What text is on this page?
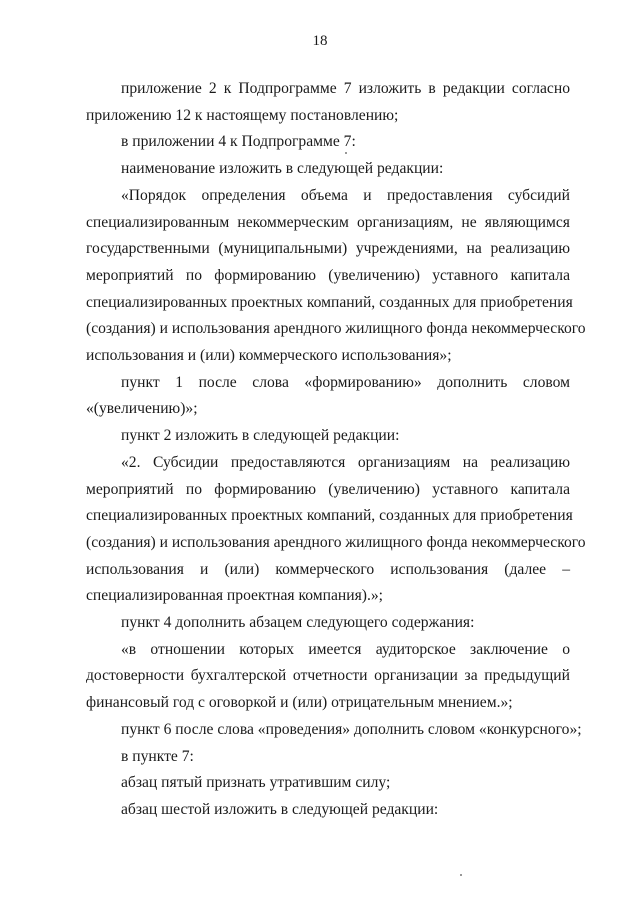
18

приложение 2 к Подпрограмме 7 изложить в редакции согласно
приложению 12 к настоящему постановлению;

в приложении 4 к Подпрограмме 7:

наименование изложить в следующей редакции:

«Порядок определения объема и предоставления субсидий
специализированным некоммерческим организациям, не являющимся
государственными (муниципальными) учреждениями, на реализацию
мероприятий по формированию (увеличению) уставного капитала
специализированных проектных компаний, созданных для приобретения
(создания) и использования арендного жилищного фонда некоммерческого
использования и (или) коммерческого использования»;

пункт 1 после слова «формированию» дополнить словом
«(увеличению)»;

пункт 2 изложить в следующей редакции:

«2. Субсидии предоставляются организациям на реализацию
мероприятий по формированию (увеличению) уставного капитала
специализированных проектных компаний, созданных для приобретения
(создания) и использования арендного жилищного фонда некоммерческого
использования и (или) коммерческого использования (далее –
специализированная проектная компания).»;

пункт 4 дополнить абзацем следующего содержания:

«в отношении которых имеется аудиторское заключение о
достоверности бухгалтерской отчетности организации за предыдущий
финансовый год с оговоркой и (или) отрицательным мнением.»;

пункт 6 после слова «проведения» дополнить словом «конкурсного»;

в пункте 7:

абзац пятый признать утратившим силу;

абзац шестой изложить в следующей редакции:
